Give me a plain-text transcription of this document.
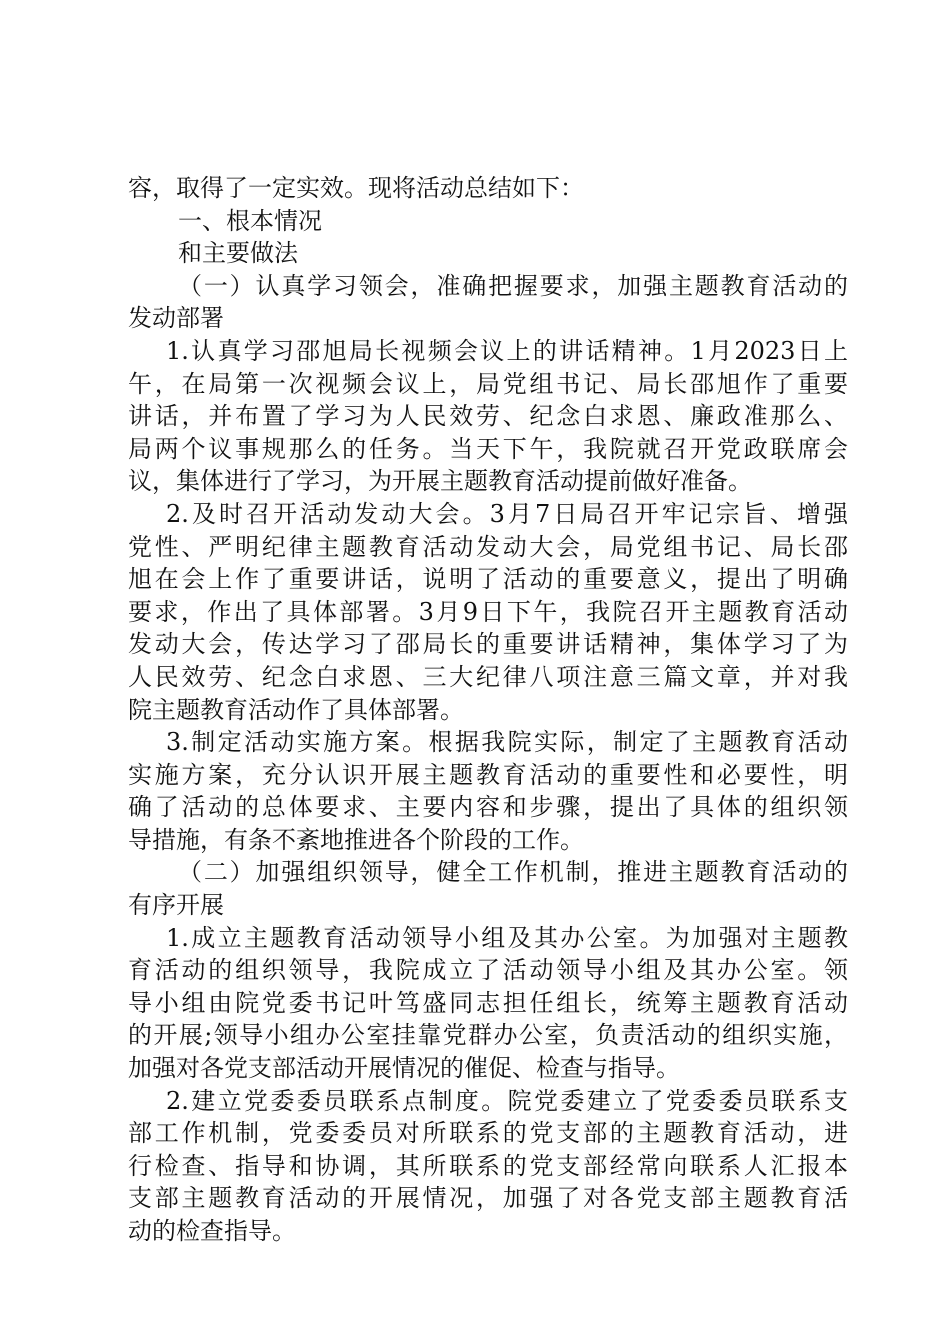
容，取得了一定实效。现将活动总结如下：

一、根本情况

和主要做法

（一）认真学习领会，准确把握要求，加强主题教育活动的

发动部署

1.认真学习邵旭局长视频会议上的讲话精神。1月2023日上

午，在局第一次视频会议上，局党组书记、局长邵旭作了重要

讲话，并布置了学习为人民效劳、纪念白求恩、廉政准那么、

局两个议事规那么的任务。当天下午，我院就召开党政联席会

议，集体进行了学习，为开展主题教育活动提前做好准备。

2.及时召开活动发动大会。3月7日局召开牢记宗旨、增强

党性、严明纪律主题教育活动发动大会，局党组书记、局长邵

旭在会上作了重要讲话，说明了活动的重要意义，提出了明确

要求，作出了具体部署。3月9日下午，我院召开主题教育活动

发动大会，传达学习了邵局长的重要讲话精神，集体学习了为

人民效劳、纪念白求恩、三大纪律八项注意三篇文章，并对我

院主题教育活动作了具体部署。

3.制定活动实施方案。根据我院实际，制定了主题教育活动

实施方案，充分认识开展主题教育活动的重要性和必要性，明

确了活动的总体要求、主要内容和步骤，提出了具体的组织领

导措施，有条不紊地推进各个阶段的工作。

（二）加强组织领导，健全工作机制，推进主题教育活动的

有序开展

1.成立主题教育活动领导小组及其办公室。为加强对主题教

育活动的组织领导，我院成立了活动领导小组及其办公室。领

导小组由院党委书记叶笃盛同志担任组长，统筹主题教育活动

的开展;领导小组办公室挂靠党群办公室，负责活动的组织实施，

加强对各党支部活动开展情况的催促、检查与指导。

2.建立党委委员联系点制度。院党委建立了党委委员联系支

部工作机制，党委委员对所联系的党支部的主题教育活动，进

行检查、指导和协调，其所联系的党支部经常向联系人汇报本

支部主题教育活动的开展情况，加强了对各党支部主题教育活

动的检查指导。
